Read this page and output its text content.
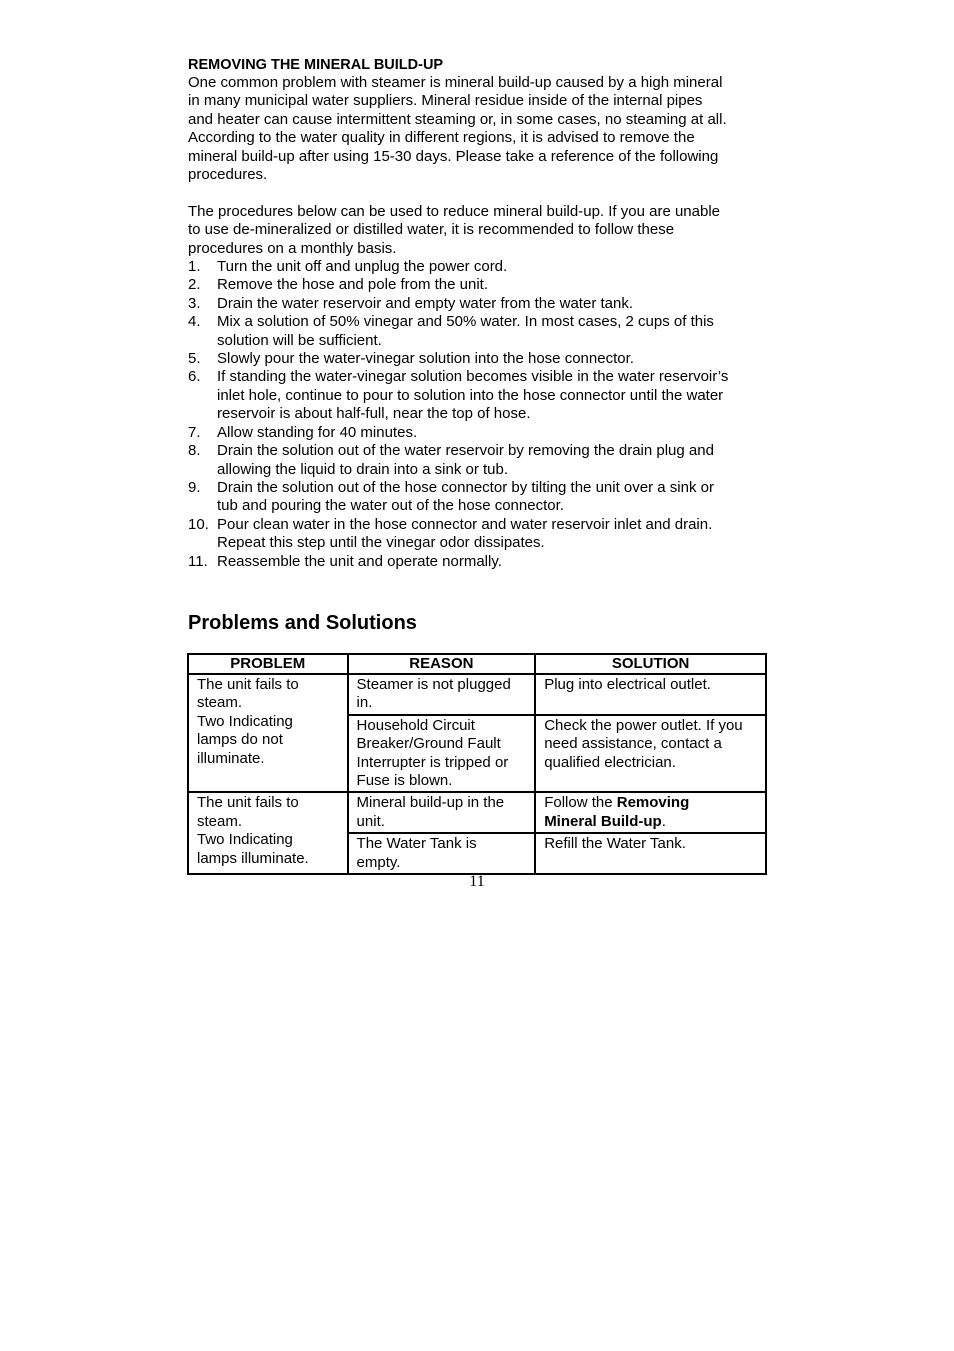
REMOVING THE MINERAL BUILD-UP

One common problem with steamer is mineral build-up caused by a high mineral
in many municipal water suppliers. Mineral residue inside of the internal pipes
and heater can cause intermittent steaming or, in some cases, no steaming at all.
According to the water quality in different regions, it is advised to remove the
mineral build-up after using 15-30 days. Please take a reference of the following
procedures.

The procedures below can be used to reduce mineral build-up. If you are unable
to use de-mineralized or distilled water, it is recommended to follow these
procedures on a monthly basis.

1. Turn the unit off and unplug the power cord.
2. Remove the hose and pole from the unit.
3. Drain the water reservoir and empty water from the water tank.
4. Mix a solution of 50% vinegar and 50% water. In most cases, 2 cups of this
solution will be sufficient.
5. Slowly pour the water-vinegar solution into the hose connector.
6. If standing the water-vinegar solution becomes visible in the water reservoir’s
inlet hole, continue to pour to solution into the hose connector until the water
reservoir is about half-full, near the top of hose.
7. Allow standing for 40 minutes.
8. Drain the solution out of the water reservoir by removing the drain plug and
allowing the liquid to drain into a sink or tub.
9. Drain the solution out of the hose connector by tilting the unit over a sink or
tub and pouring the water out of the hose connector.
10. Pour clean water in the hose connector and water reservoir inlet and drain.
Repeat this step until the vinegar odor dissipates.
11. Reassemble the unit and operate normally.
Problems and Solutions
PROBLEM	REASON	SOLUTION
The unit fails to
steam.
Two Indicating
lamps do not
illuminate.	Steamer is not plugged
in.	Plug into electrical outlet.
	Household Circuit
Breaker/Ground Fault
Interrupter is tripped or
Fuse is blown.	Check the power outlet. If you
need assistance, contact a
qualified electrician.
The unit fails to
steam.
Two Indicating
lamps illuminate.	Mineral build-up in the
unit.	Follow the Removing
Mineral Build-up.
	The Water Tank is
empty.	Refill the Water Tank.
11
